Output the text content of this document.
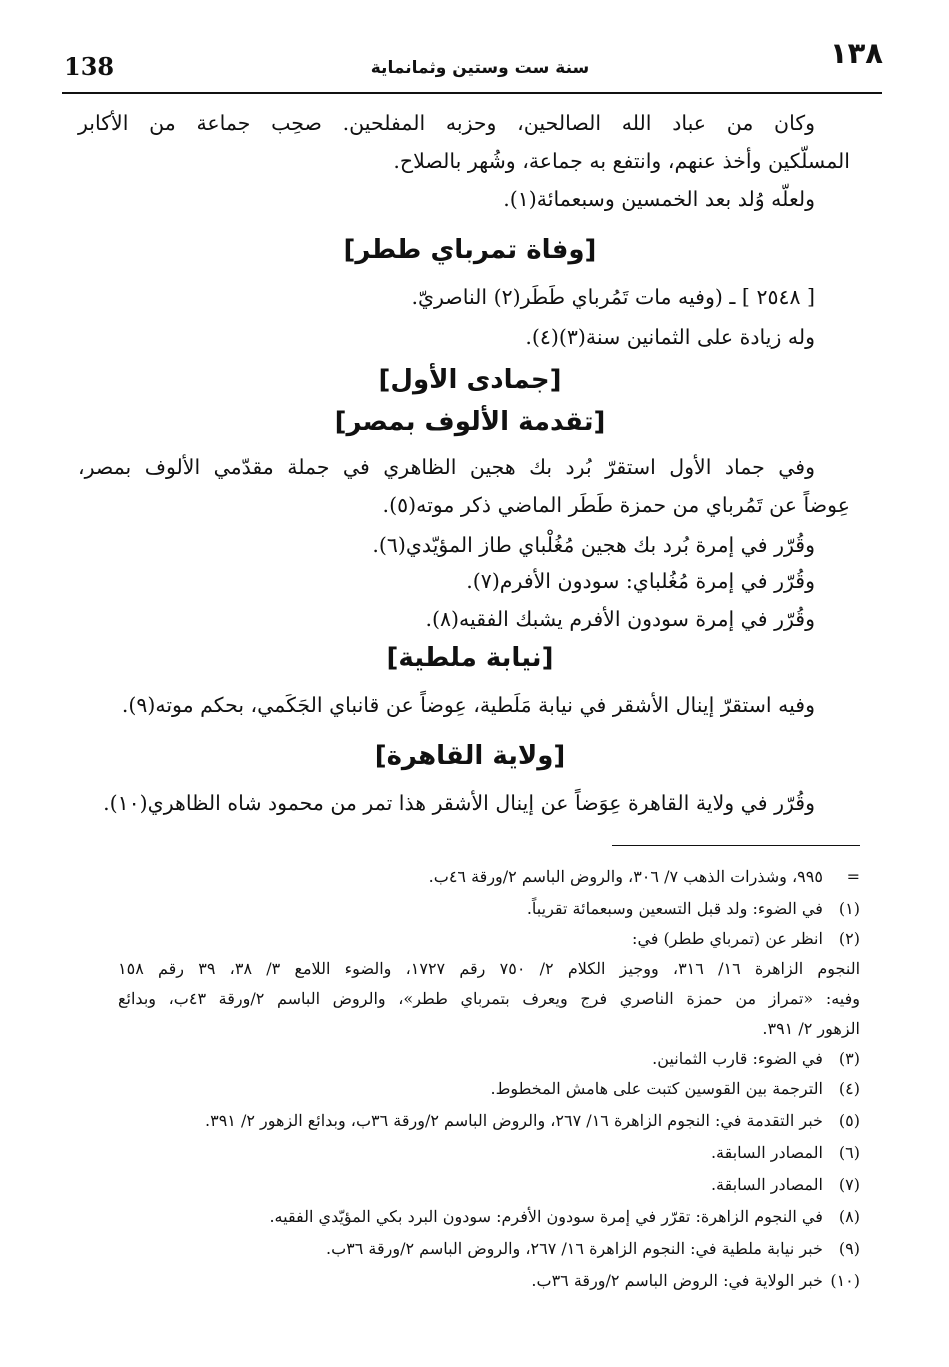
١٣٨
سنة ست وستين وثمانماية
138
وكان من عباد الله الصالحين، وحزبه المفلحين. صحِب جماعة من الأكابر
المسلّكين وأخذ عنهم، وانتفع به جماعة، وشُهر بالصلاح.
ولعلّه وُلد بعد الخمسين وسبعمائة(١).
[وفاة تمرباي ططر]
[ ٢٥٤٨ ] ـ (وفيه مات تَمُرباي طَطَر(٢) الناصريّ.
وله زيادة على الثمانين سنة(٣)(٤).
[جمادى الأول]
[تقدمة الألوف بمصر]
وفي جماد الأول استقرّ بُرد بك هجين الظاهري في جملة مقدّمي الألوف بمصر،
عِوضاً عن تَمُرباي من حمزة طَطَر الماضي ذكر موته(٥).
وقُرّر في إمرة بُرد بك هجين مُغُلْباي طاز المؤيّدي(٦).
وقُرّر في إمرة مُغُلباي: سودون الأفرم(٧).
وقُرّر في إمرة سودون الأفرم يشبك الفقيه(٨).
[نيابة ملطية]
وفيه استقرّ إينال الأشقر في نيابة مَلَطية، عِوضاً عن قانباي الجَكَمي، بحكم موته(٩).
[ولاية القاهرة]
وقُرّر في ولاية القاهرة عِوَضاً عن إينال الأشقر هذا تمر من محمود شاه الظاهري(١٠).
= ٩٩٥، وشذرات الذهب ٧/ ٣٠٦، والروض الباسم ٢/ورقة ٤٦ب.
(١) في الضوء: ولد قبل التسعين وسبعمائة تقريباً.
(٢) انظر عن (تمرباي ططر) في:
النجوم الزاهرة ١٦/ ٣١٦، ووجيز الكلام ٢/ ٧٥٠ رقم ١٧٢٧، والضوء اللامع ٣/ ٣٨، ٣٩ رقم ١٥٨
وفيه: «تمراز من حمزة الناصري فرج ويعرف بتمرباي ططر»، والروض الباسم ٢/ورقة ٤٣ب، وبدائع
الزهور ٢/ ٣٩١.
(٣) في الضوء: قارب الثمانين.
(٤) الترجمة بين القوسين كتبت على هامش المخطوط.
(٥) خبر التقدمة في: النجوم الزاهرة ١٦/ ٢٦٧، والروض الباسم ٢/ورقة ٣٦ب، وبدائع الزهور ٢/ ٣٩١.
(٦) المصادر السابقة.
(٧) المصادر السابقة.
(٨) في النجوم الزاهرة: تقرّر في إمرة سودون الأفرم: سودون البرد بكي المؤيّدي الفقيه.
(٩) خبر نيابة ملطية في: النجوم الزاهرة ١٦/ ٢٦٧، والروض الباسم ٢/ورقة ٣٦ب.
(١٠) خبر الولاية في: الروض الباسم ٢/ورقة ٣٦ب.
